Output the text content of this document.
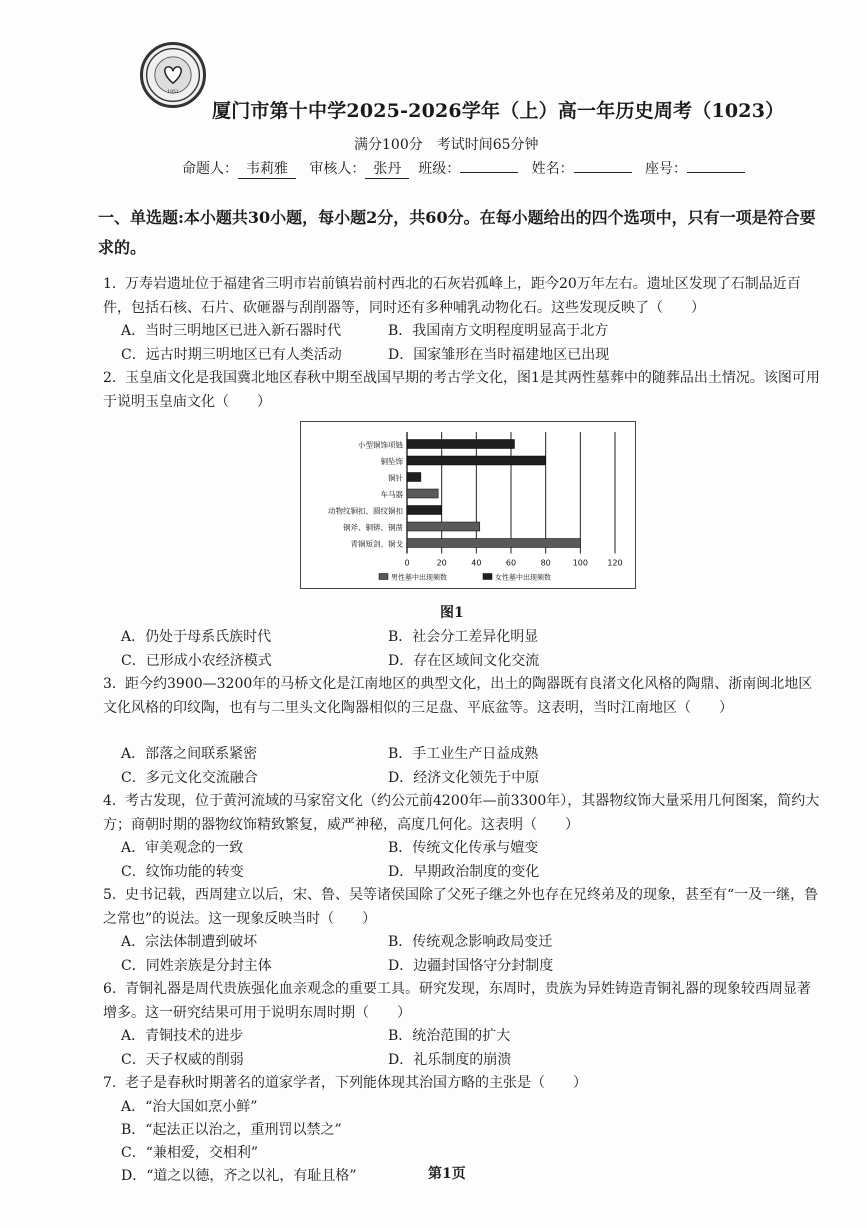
1951
厦门市第十中学2025-2026学年（上）高一年历史周考（1023）
满分100分　考试时间65分钟
命题人： 韦莉雅 审核人： 张丹 班级：	姓名：	座号：
一、单选题:本小题共30小题，每小题2分，共60分。在每小题给出的四个选项中，只有一项是符合要求的。
1. 万寿岩遗址位于福建省三明市岩前镇岩前村西北的石灰岩孤峰上，距今20万年左右。遗址区发现了石制品近百件，包括石核、石片、砍砸器与刮削器等，同时还有多种哺乳动物化石。这些发现反映了（　　）
A．当时三明地区已进入新石器时代	B．我国南方文明程度明显高于北方
C．远古时期三明地区已有人类活动	D．国家雏形在当时福建地区已出现
2. 玉皇庙文化是我国冀北地区春秋中期至战国早期的考古学文化，图1是其两性墓葬中的随葬品出土情况。该图可用于说明玉皇庙文化（　　）
小型铜饰项链
铜坠饰
铜针
车马器
动物纹铜扣、圆纹铜扣
铜斧、铜锛、铜凿
青铜短剑、铜戈
0	20	40	60	80	100 120
男性墓中出现频数	女性墓中出现频数
图1
A．仍处于母系氏族时代	B．社会分工差异化明显
C．已形成小农经济模式	D．存在区域间文化交流
3. 距今约3900—3200年的马桥文化是江南地区的典型文化，出土的陶器既有良渚文化风格的陶鼎、浙南闽北地区文化风格的印纹陶，也有与二里头文化陶器相似的三足盘、平底盆等。这表明，当时江南地区（　　）
A．部落之间联系紧密	B．手工业生产日益成熟
C．多元文化交流融合	D．经济文化领先于中原
4. 考古发现，位于黄河流域的马家窑文化（约公元前4200年—前3300年），其器物纹饰大量采用几何图案，简约大方；商朝时期的器物纹饰精致繁复，威严神秘，高度几何化。这表明（　　）
A．审美观念的一致	B．传统文化传承与嬗变
C．纹饰功能的转变	D．早期政治制度的变化
5. 史书记载，西周建立以后，宋、鲁、吴等诸侯国除了父死子继之外也存在兄终弟及的现象，甚至有“一及一继，鲁之常也”的说法。这一现象反映当时（　　）
A．宗法体制遭到破坏	B．传统观念影响政局变迁
C．同姓亲族是分封主体	D．边疆封国恪守分封制度
6. 青铜礼器是周代贵族强化血亲观念的重要工具。研究发现，东周时，贵族为异姓铸造青铜礼器的现象较西周显著增多。这一研究结果可用于说明东周时期（　　）
A．青铜技术的进步	B．统治范围的扩大
C．天子权威的削弱	D．礼乐制度的崩溃
7. 老子是春秋时期著名的道家学者，下列能体现其治国方略的主张是（　　）
A．“治大国如烹小鲜”
B．“起法正以治之，重刑罚以禁之”
C．“兼相爱，交相利”
D．“道之以德，齐之以礼，有耻且格”	第1页
